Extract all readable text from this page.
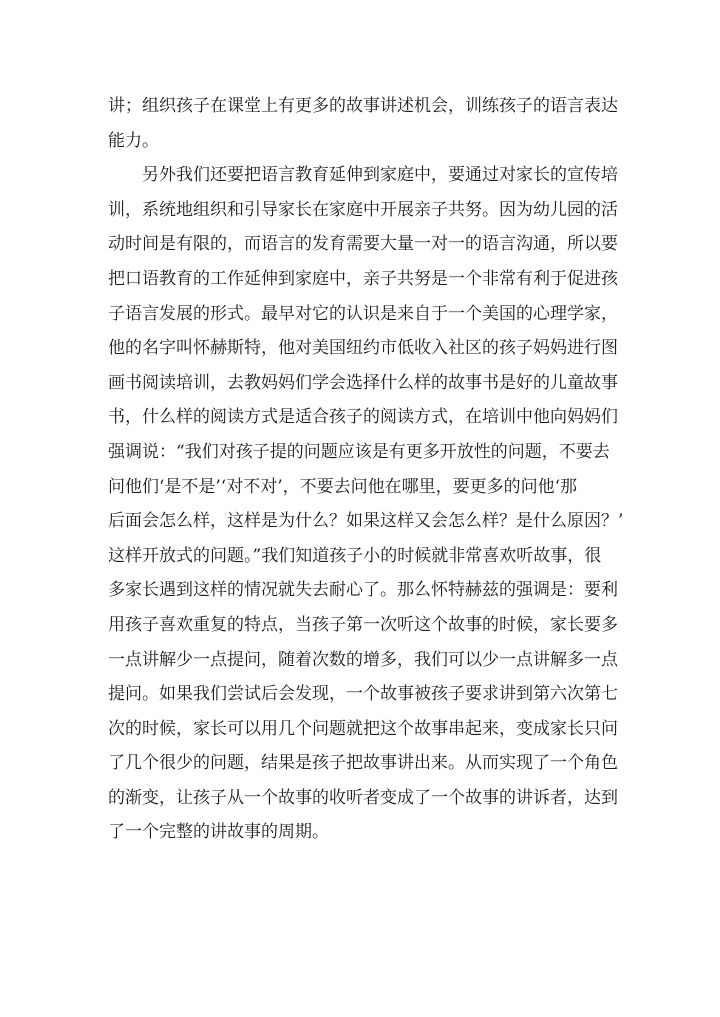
讲；组织孩子在课堂上有更多的故事讲述机会，训练孩子的语言表达
能力。
另外我们还要把语言教育延伸到家庭中，要通过对家长的宣传培
训，系统地组织和引导家长在家庭中开展亲子共努。因为幼儿园的活
动时间是有限的，而语言的发育需要大量一对一的语言沟通，所以要
把口语教育的工作延伸到家庭中，亲子共努是一个非常有利于促进孩
子语言发展的形式。最早对它的认识是来自于一个美国的心理学家，
他的名字叫怀赫斯特，他对美国纽约市低收入社区的孩子妈妈进行图
画书阅读培训，去教妈妈们学会选择什么样的故事书是好的儿童故事
书，什么样的阅读方式是适合孩子的阅读方式，在培训中他向妈妈们
强调说：“我们对孩子提的问题应该是有更多开放性的问题，不要去
问他们‘是不是’‘对不对’，不要去问他在哪里，要更多的问他‘那
后面会怎么样，这样是为什么？如果这样又会怎么样？是什么原因？’
这样开放式的问题。”我们知道孩子小的时候就非常喜欢听故事，很
多家长遇到这样的情况就失去耐心了。那么怀特赫兹的强调是：要利
用孩子喜欢重复的特点，当孩子第一次听这个故事的时候，家长要多
一点讲解少一点提问，随着次数的增多，我们可以少一点讲解多一点
提问。如果我们尝试后会发现，一个故事被孩子要求讲到第六次第七
次的时候，家长可以用几个问题就把这个故事串起来，变成家长只问
了几个很少的问题，结果是孩子把故事讲出来。从而实现了一个角色
的渐变，让孩子从一个故事的收听者变成了一个故事的讲诉者，达到
了一个完整的讲故事的周期。
